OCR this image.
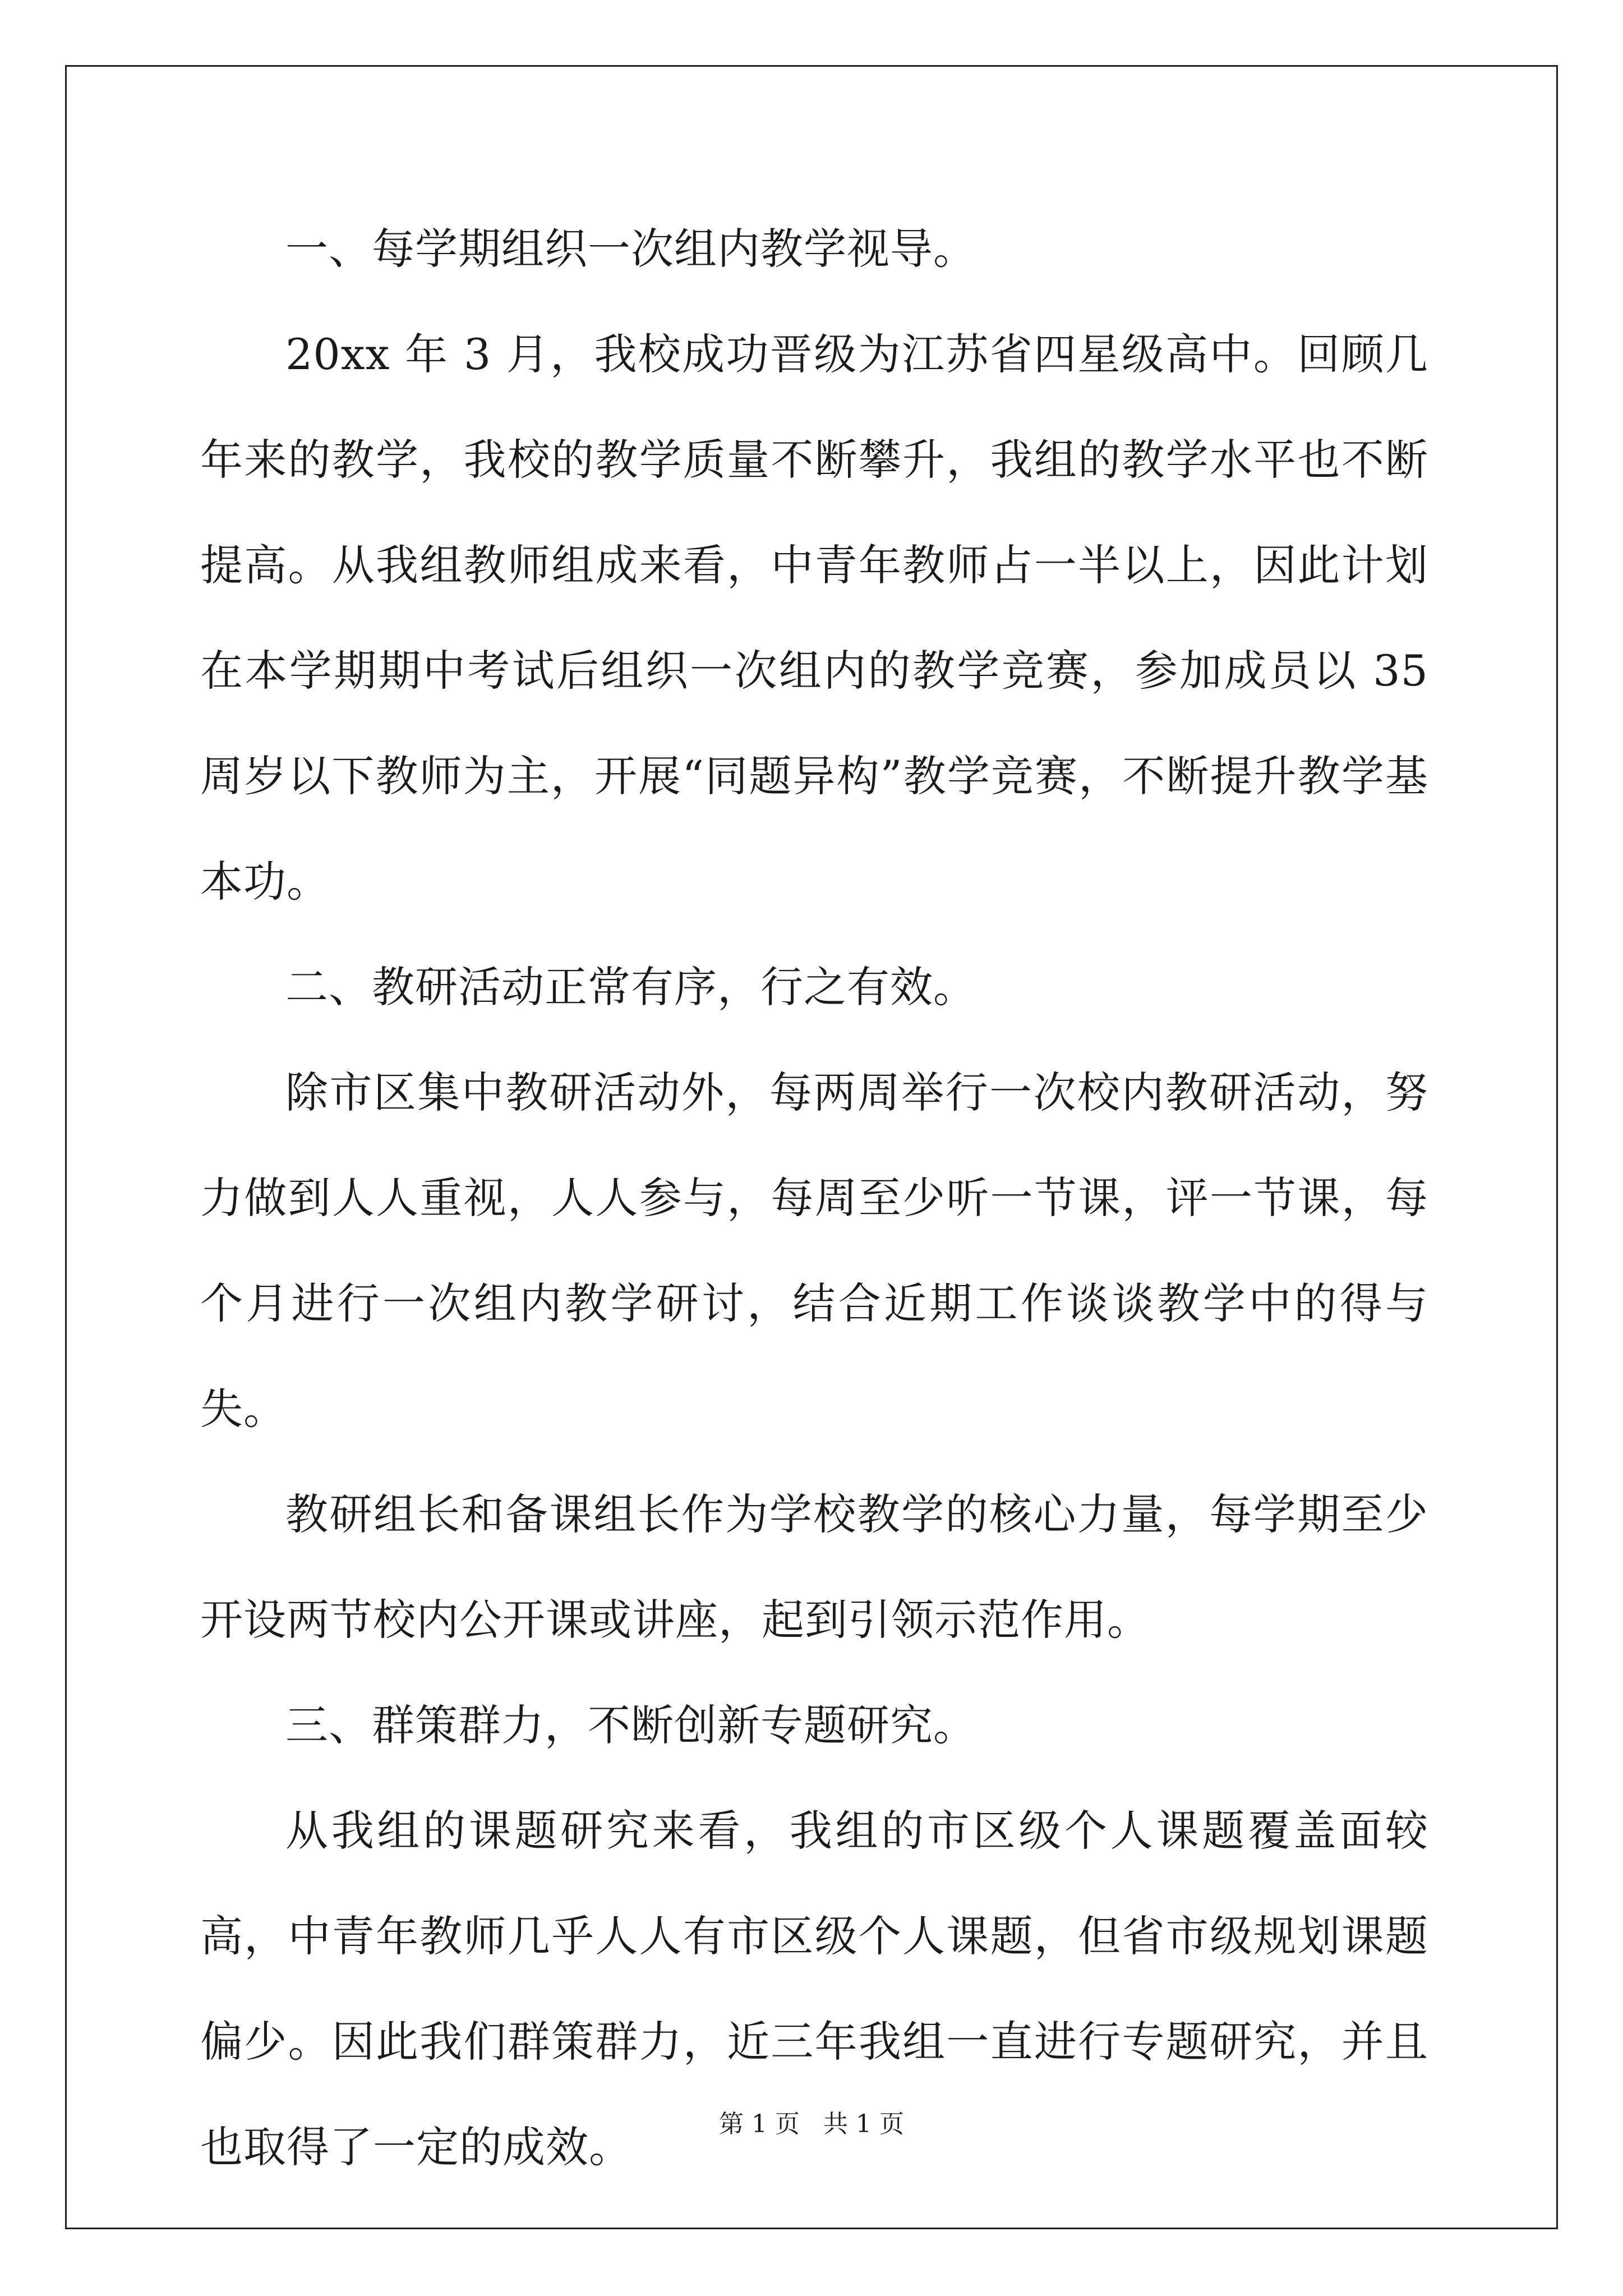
一、每学期组织一次组内教学视导。

20xx 年 3 月，我校成功晋级为江苏省四星级高中。回顾几年来的教学，我校的教学质量不断攀升，我组的教学水平也不断提高。从我组教师组成来看，中青年教师占一半以上，因此计划在本学期期中考试后组织一次组内的教学竞赛，参加成员以 35 周岁以下教师为主，开展“同题异构”教学竞赛，不断提升教学基本功。

二、教研活动正常有序，行之有效。

除市区集中教研活动外，每两周举行一次校内教研活动，努力做到人人重视，人人参与，每周至少听一节课，评一节课，每个月进行一次组内教学研讨，结合近期工作谈谈教学中的得与失。

教研组长和备课组长作为学校教学的核心力量，每学期至少开设两节校内公开课或讲座，起到引领示范作用。

三、群策群力，不断创新专题研究。

从我组的课题研究来看，我组的市区级个人课题覆盖面较高，中青年教师几乎人人有市区级个人课题，但省市级规划课题偏少。因此我们群策群力，近三年我组一直进行专题研究，并且也取得了一定的成效。	第 1 页 共 1 页
